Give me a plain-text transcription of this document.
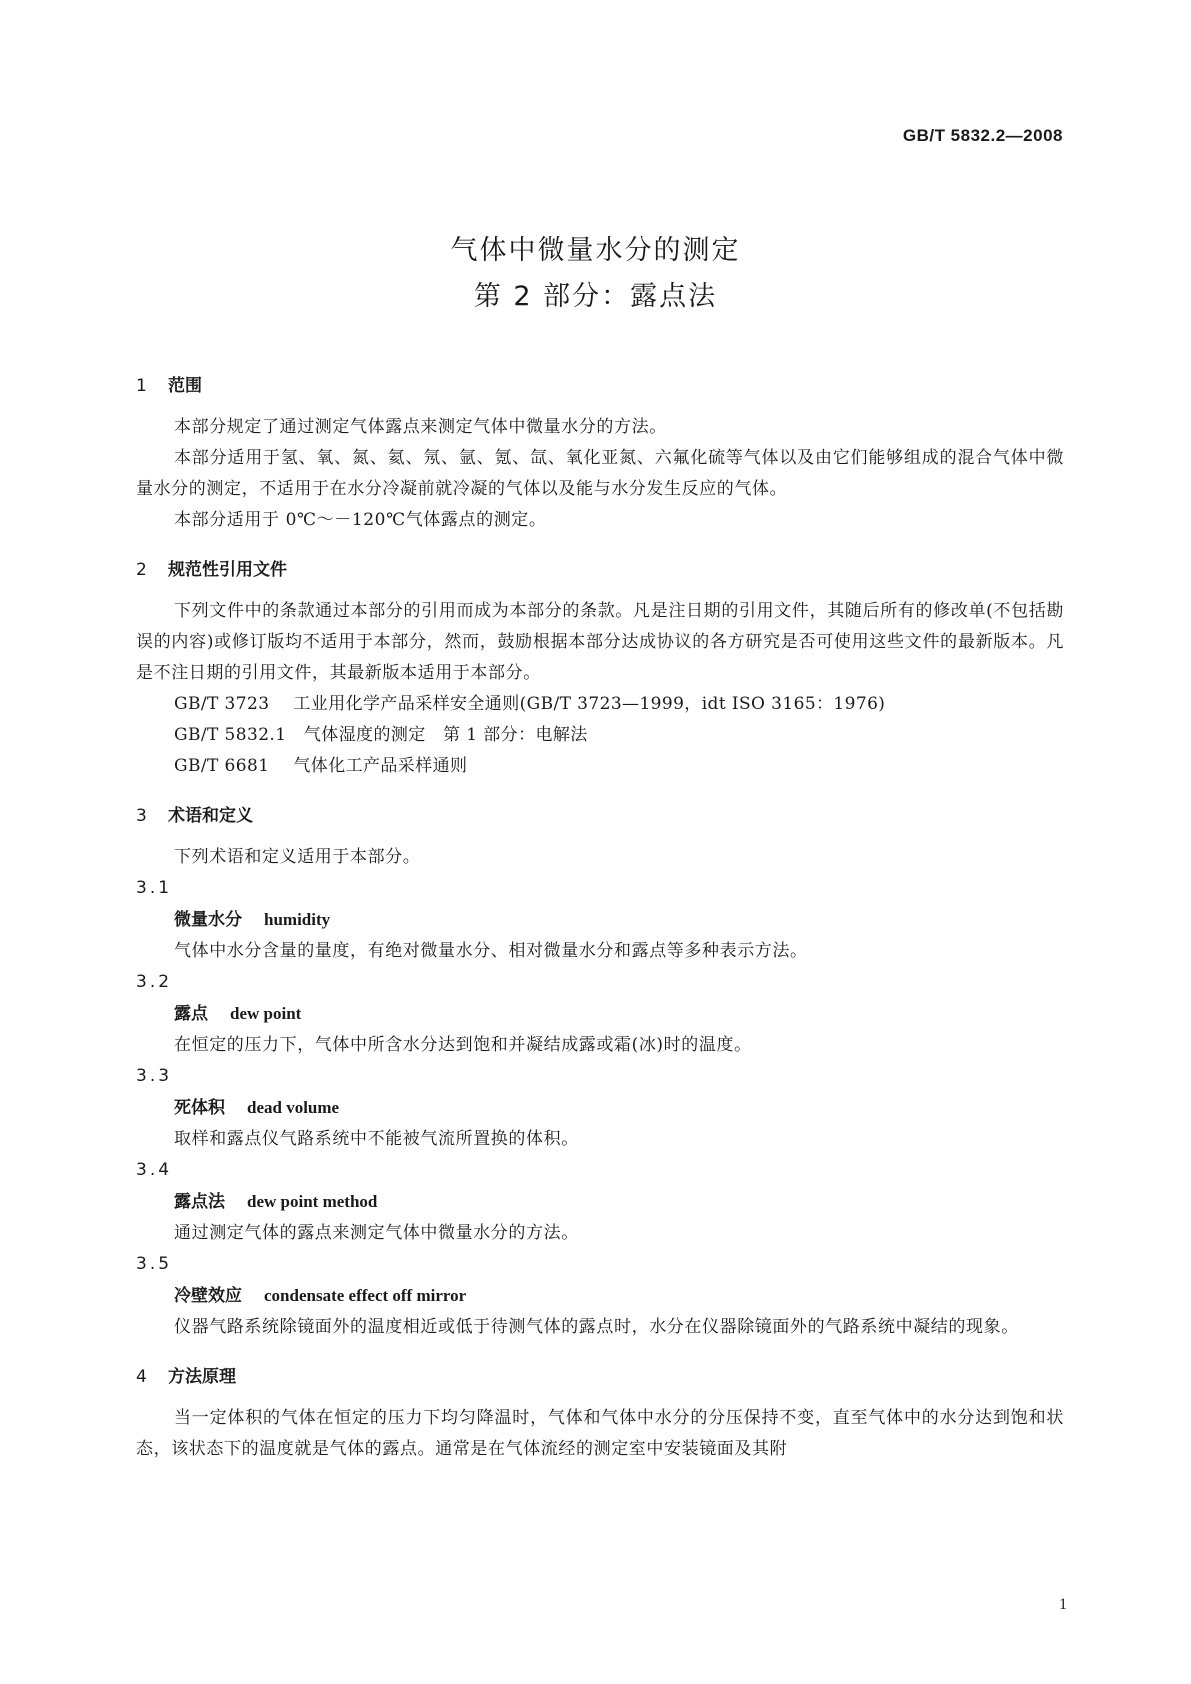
GB/T 5832.2—2008
气体中微量水分的测定
第 2 部分：露点法

1 范围

本部分规定了通过测定气体露点来测定气体中微量水分的方法。

本部分适用于氢、氧、氮、氦、氖、氩、氪、氙、氧化亚氮、六氟化硫等气体以及由它们能够组成的混合气体中微量水分的测定，不适用于在水分冷凝前就冷凝的气体以及能与水分发生反应的气体。

本部分适用于 0℃～－120℃气体露点的测定。

2 规范性引用文件

下列文件中的条款通过本部分的引用而成为本部分的条款。凡是注日期的引用文件，其随后所有的修改单(不包括勘误的内容)或修订版均不适用于本部分，然而，鼓励根据本部分达成协议的各方研究是否可使用这些文件的最新版本。凡是不注日期的引用文件，其最新版本适用于本部分。

GB/T 3723　 工业用化学产品采样安全通则(GB/T 3723—1999，idt ISO 3165：1976)

GB/T 5832.1　 气体湿度的测定　第 1 部分：电解法

GB/T 6681　 气体化工产品采样通则

3 术语和定义

下列术语和定义适用于本部分。

3.1

微量水分 humidity

气体中水分含量的量度，有绝对微量水分、相对微量水分和露点等多种表示方法。

3.2

露点 dew point

在恒定的压力下，气体中所含水分达到饱和并凝结成露或霜(冰)时的温度。

3.3

死体积 dead volume

取样和露点仪气路系统中不能被气流所置换的体积。

3.4

露点法 dew point method

通过测定气体的露点来测定气体中微量水分的方法。

3.5

冷壁效应 condensate effect off mirror

仪器气路系统除镜面外的温度相近或低于待测气体的露点时，水分在仪器除镜面外的气路系统中凝结的现象。

4 方法原理

当一定体积的气体在恒定的压力下均匀降温时，气体和气体中水分的分压保持不变，直至气体中的水分达到饱和状态，该状态下的温度就是气体的露点。通常是在气体流经的测定室中安装镜面及其附

1
